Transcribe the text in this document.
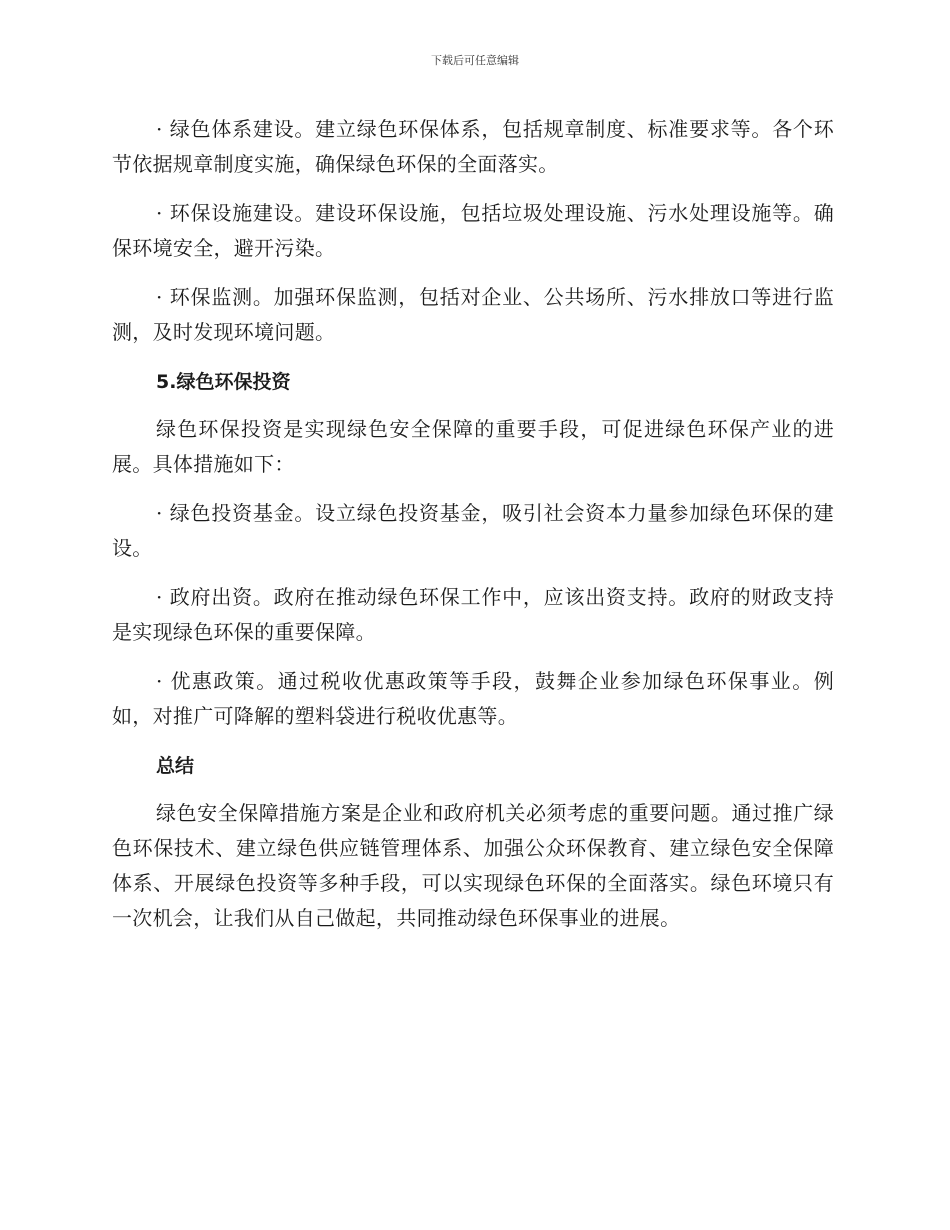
下载后可任意编辑

· 绿色体系建设。建立绿色环保体系，包括规章制度、标准要求等。各个环节依据规章制度实施，确保绿色环保的全面落实。

· 环保设施建设。建设环保设施，包括垃圾处理设施、污水处理设施等。确保环境安全，避开污染。

· 环保监测。加强环保监测，包括对企业、公共场所、污水排放口等进行监测，及时发现环境问题。

5.绿色环保投资

绿色环保投资是实现绿色安全保障的重要手段，可促进绿色环保产业的进展。具体措施如下：

· 绿色投资基金。设立绿色投资基金，吸引社会资本力量参加绿色环保的建设。

· 政府出资。政府在推动绿色环保工作中，应该出资支持。政府的财政支持是实现绿色环保的重要保障。

· 优惠政策。通过税收优惠政策等手段，鼓舞企业参加绿色环保事业。例如，对推广可降解的塑料袋进行税收优惠等。

总结

绿色安全保障措施方案是企业和政府机关必须考虑的重要问题。通过推广绿色环保技术、建立绿色供应链管理体系、加强公众环保教育、建立绿色安全保障体系、开展绿色投资等多种手段，可以实现绿色环保的全面落实。绿色环境只有一次机会，让我们从自己做起，共同推动绿色环保事业的进展。
